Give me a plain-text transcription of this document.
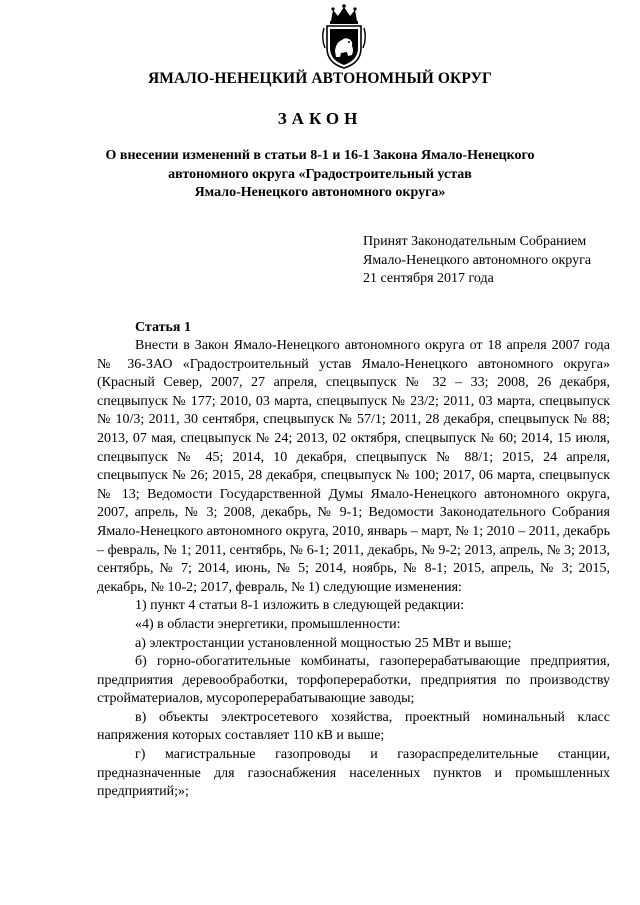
ЯМАЛО-НЕНЕЦКИЙ АВТОНОМНЫЙ ОКРУГ
ЗАКОН
О внесении изменений в статьи 8-1 и 16-1 Закона Ямало-Ненецкого
автономного округа «Градостроительный устав
Ямало-Ненецкого автономного округа»
Принят Законодательным Собранием
Ямало-Ненецкого автономного округа
21 сентября 2017 года
Статья 1

Внести в Закон Ямало-Ненецкого автономного округа от 18 апреля 2007 года № 36-ЗАО «Градостроительный устав Ямало-Ненецкого автономного округа» (Красный Север, 2007, 27 апреля, спецвыпуск № 32 – 33; 2008, 26 декабря, спецвыпуск № 177; 2010, 03 марта, спецвыпуск № 23/2; 2011, 03 марта, спецвыпуск № 10/3; 2011, 30 сентября, спецвыпуск № 57/1; 2011, 28 декабря, спецвыпуск № 88; 2013, 07 мая, спецвыпуск № 24; 2013, 02 октября, спецвыпуск № 60; 2014, 15 июля, спецвыпуск № 45; 2014, 10 декабря, спецвыпуск № 88/1; 2015, 24 апреля, спецвыпуск № 26; 2015, 28 декабря, спецвыпуск № 100; 2017, 06 марта, спецвыпуск № 13; Ведомости Государственной Думы Ямало-Ненецкого автономного округа, 2007, апрель, № 3; 2008, декабрь, № 9-1; Ведомости Законодательного Собрания Ямало-Ненецкого автономного округа, 2010, январь – март, № 1; 2010 – 2011, декабрь – февраль, № 1; 2011, сентябрь, № 6-1; 2011, декабрь, № 9-2; 2013, апрель, № 3; 2013, сентябрь, № 7; 2014, июнь, № 5; 2014, ноябрь, № 8-1; 2015, апрель, № 3; 2015, декабрь, № 10-2; 2017, февраль, № 1) следующие изменения:

1) пункт 4 статьи 8-1 изложить в следующей редакции:

«4) в области энергетики, промышленности:

а) электростанции установленной мощностью 25 МВт и выше;

б) горно-обогатительные комбинаты, газоперерабатывающие предприятия, предприятия деревообработки, торфопереработки, предприятия по производству стройматериалов, мусороперерабатывающие заводы;

в) объекты электросетевого хозяйства, проектный номинальный класс напряжения которых составляет 110 кВ и выше;

г) магистральные газопроводы и газораспределительные станции, предназначенные для газоснабжения населенных пунктов и промышленных предприятий;»;
